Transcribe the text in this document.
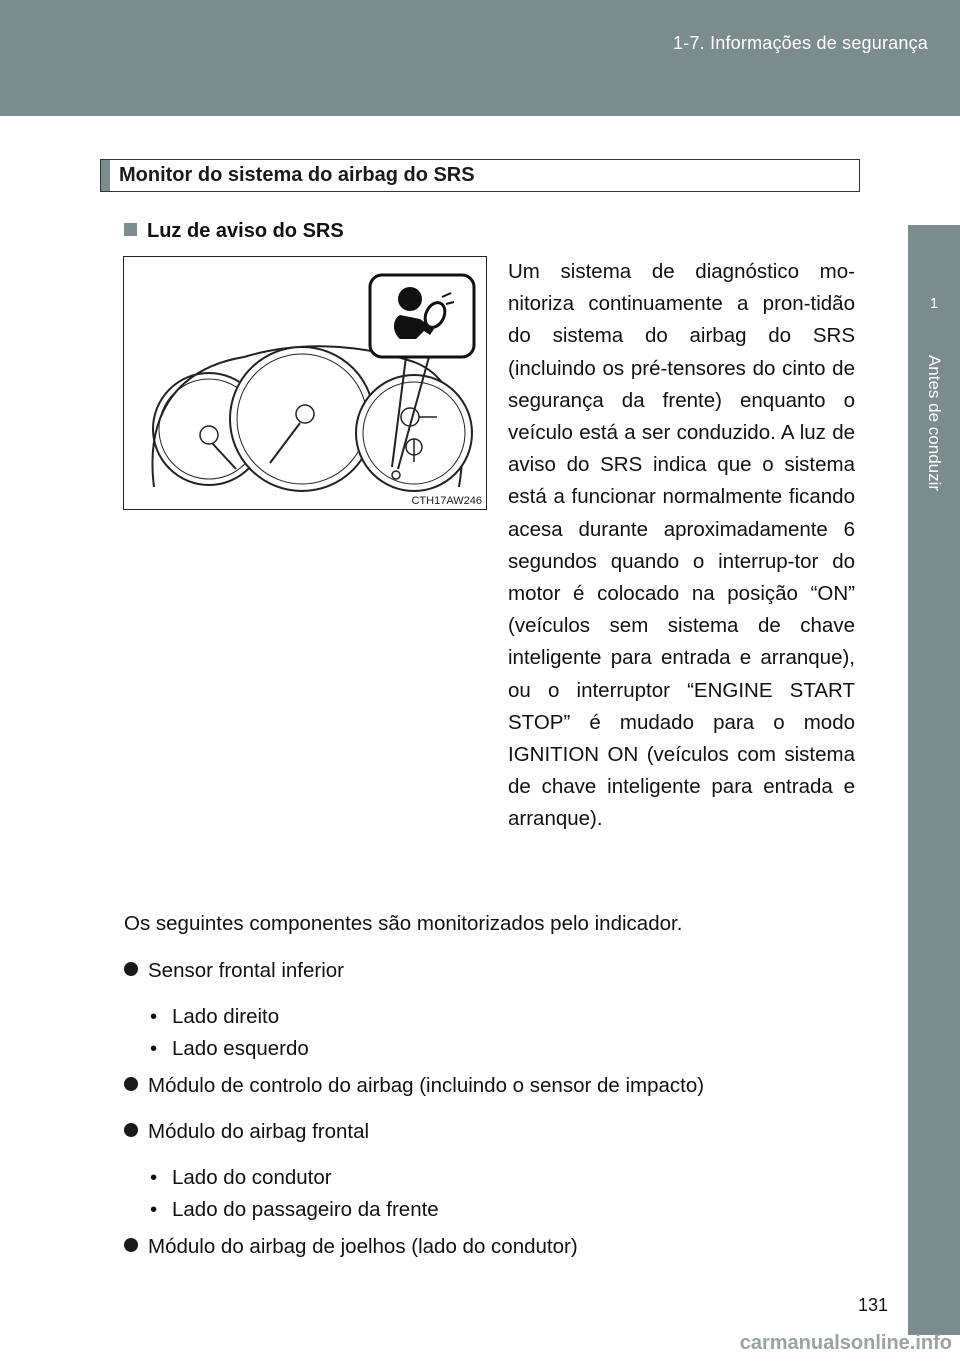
1-7. Informações de segurança
1
Antes de conduzir
Monitor do sistema do airbag do SRS
Luz de aviso do SRS
CTH17AW246
Um sistema de diagnóstico mo-nitoriza continuamente a pron-tidão do sistema do airbag do SRS (incluindo os pré-tensores do cinto de segurança da frente) enquanto o veículo está a ser conduzido. A luz de aviso do SRS indica que o sistema está a funcionar normalmente ficando acesa durante aproximadamente 6 segundos quando o interrup-tor do motor é colocado na posição “ON” (veículos sem sistema de chave inteligente para entrada e arranque), ou o interruptor “ENGINE START STOP” é mudado para o modo IGNITION ON (veículos com sistema de chave inteligente para entrada e arranque).
Os seguintes componentes são monitorizados pelo indicador.
Sensor frontal inferior
• Lado direito
• Lado esquerdo
Módulo de controlo do airbag (incluindo o sensor de impacto)
Módulo do airbag frontal
• Lado do condutor
• Lado do passageiro da frente
Módulo do airbag de joelhos (lado do condutor)
131
carmanualsonline.info
